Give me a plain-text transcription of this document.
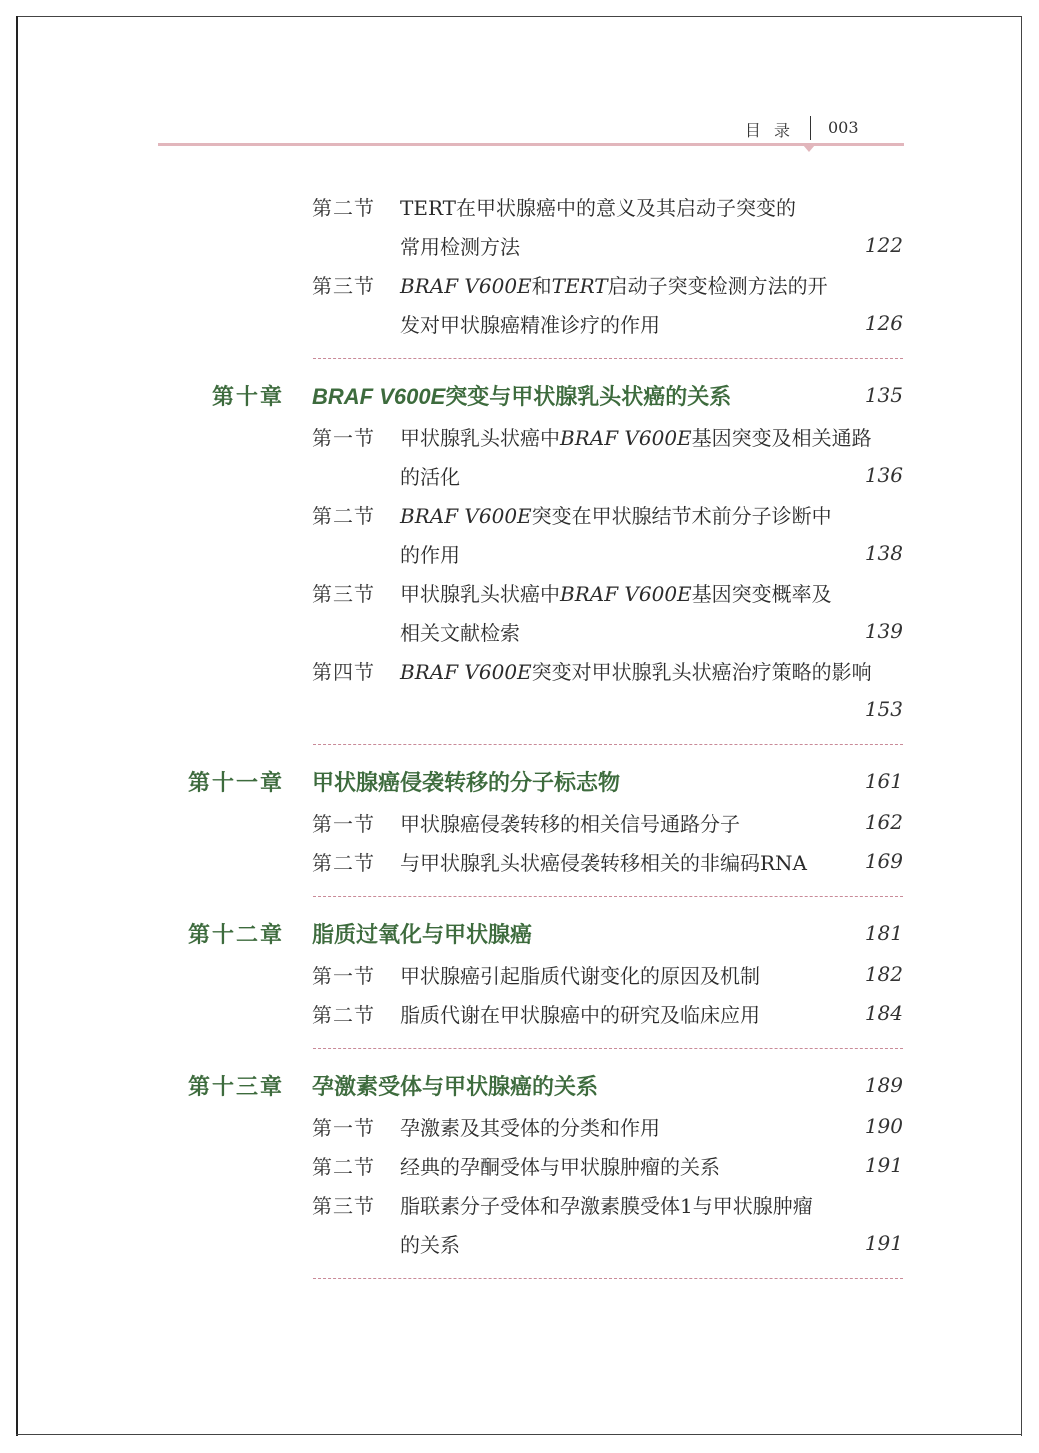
目 录 003
第二节 TERT在甲状腺癌中的意义及其启动子突变的
常用检测方法	122
第三节 BRAF V600E和TERT启动子突变检测方法的开
发对甲状腺癌精准诊疗的作用	126
第十章 BRAF V600E突变与甲状腺乳头状癌的关系	135
第一节 甲状腺乳头状癌中BRAF V600E基因突变及相关通路
的活化	136
第二节 BRAF V600E突变在甲状腺结节术前分子诊断中
的作用	138
第三节 甲状腺乳头状癌中BRAF V600E基因突变概率及
相关文献检索	139
第四节 BRAF V600E突变对甲状腺乳头状癌治疗策略的影响
153
第十一章 甲状腺癌侵袭转移的分子标志物	161
第一节 甲状腺癌侵袭转移的相关信号通路分子	162
第二节 与甲状腺乳头状癌侵袭转移相关的非编码RNA	169
第十二章 脂质过氧化与甲状腺癌	181
第一节 甲状腺癌引起脂质代谢变化的原因及机制	182
第二节 脂质代谢在甲状腺癌中的研究及临床应用	184
第十三章 孕激素受体与甲状腺癌的关系	189
第一节 孕激素及其受体的分类和作用	190
第二节 经典的孕酮受体与甲状腺肿瘤的关系	191
第三节 脂联素分子受体和孕激素膜受体1与甲状腺肿瘤
的关系	191
